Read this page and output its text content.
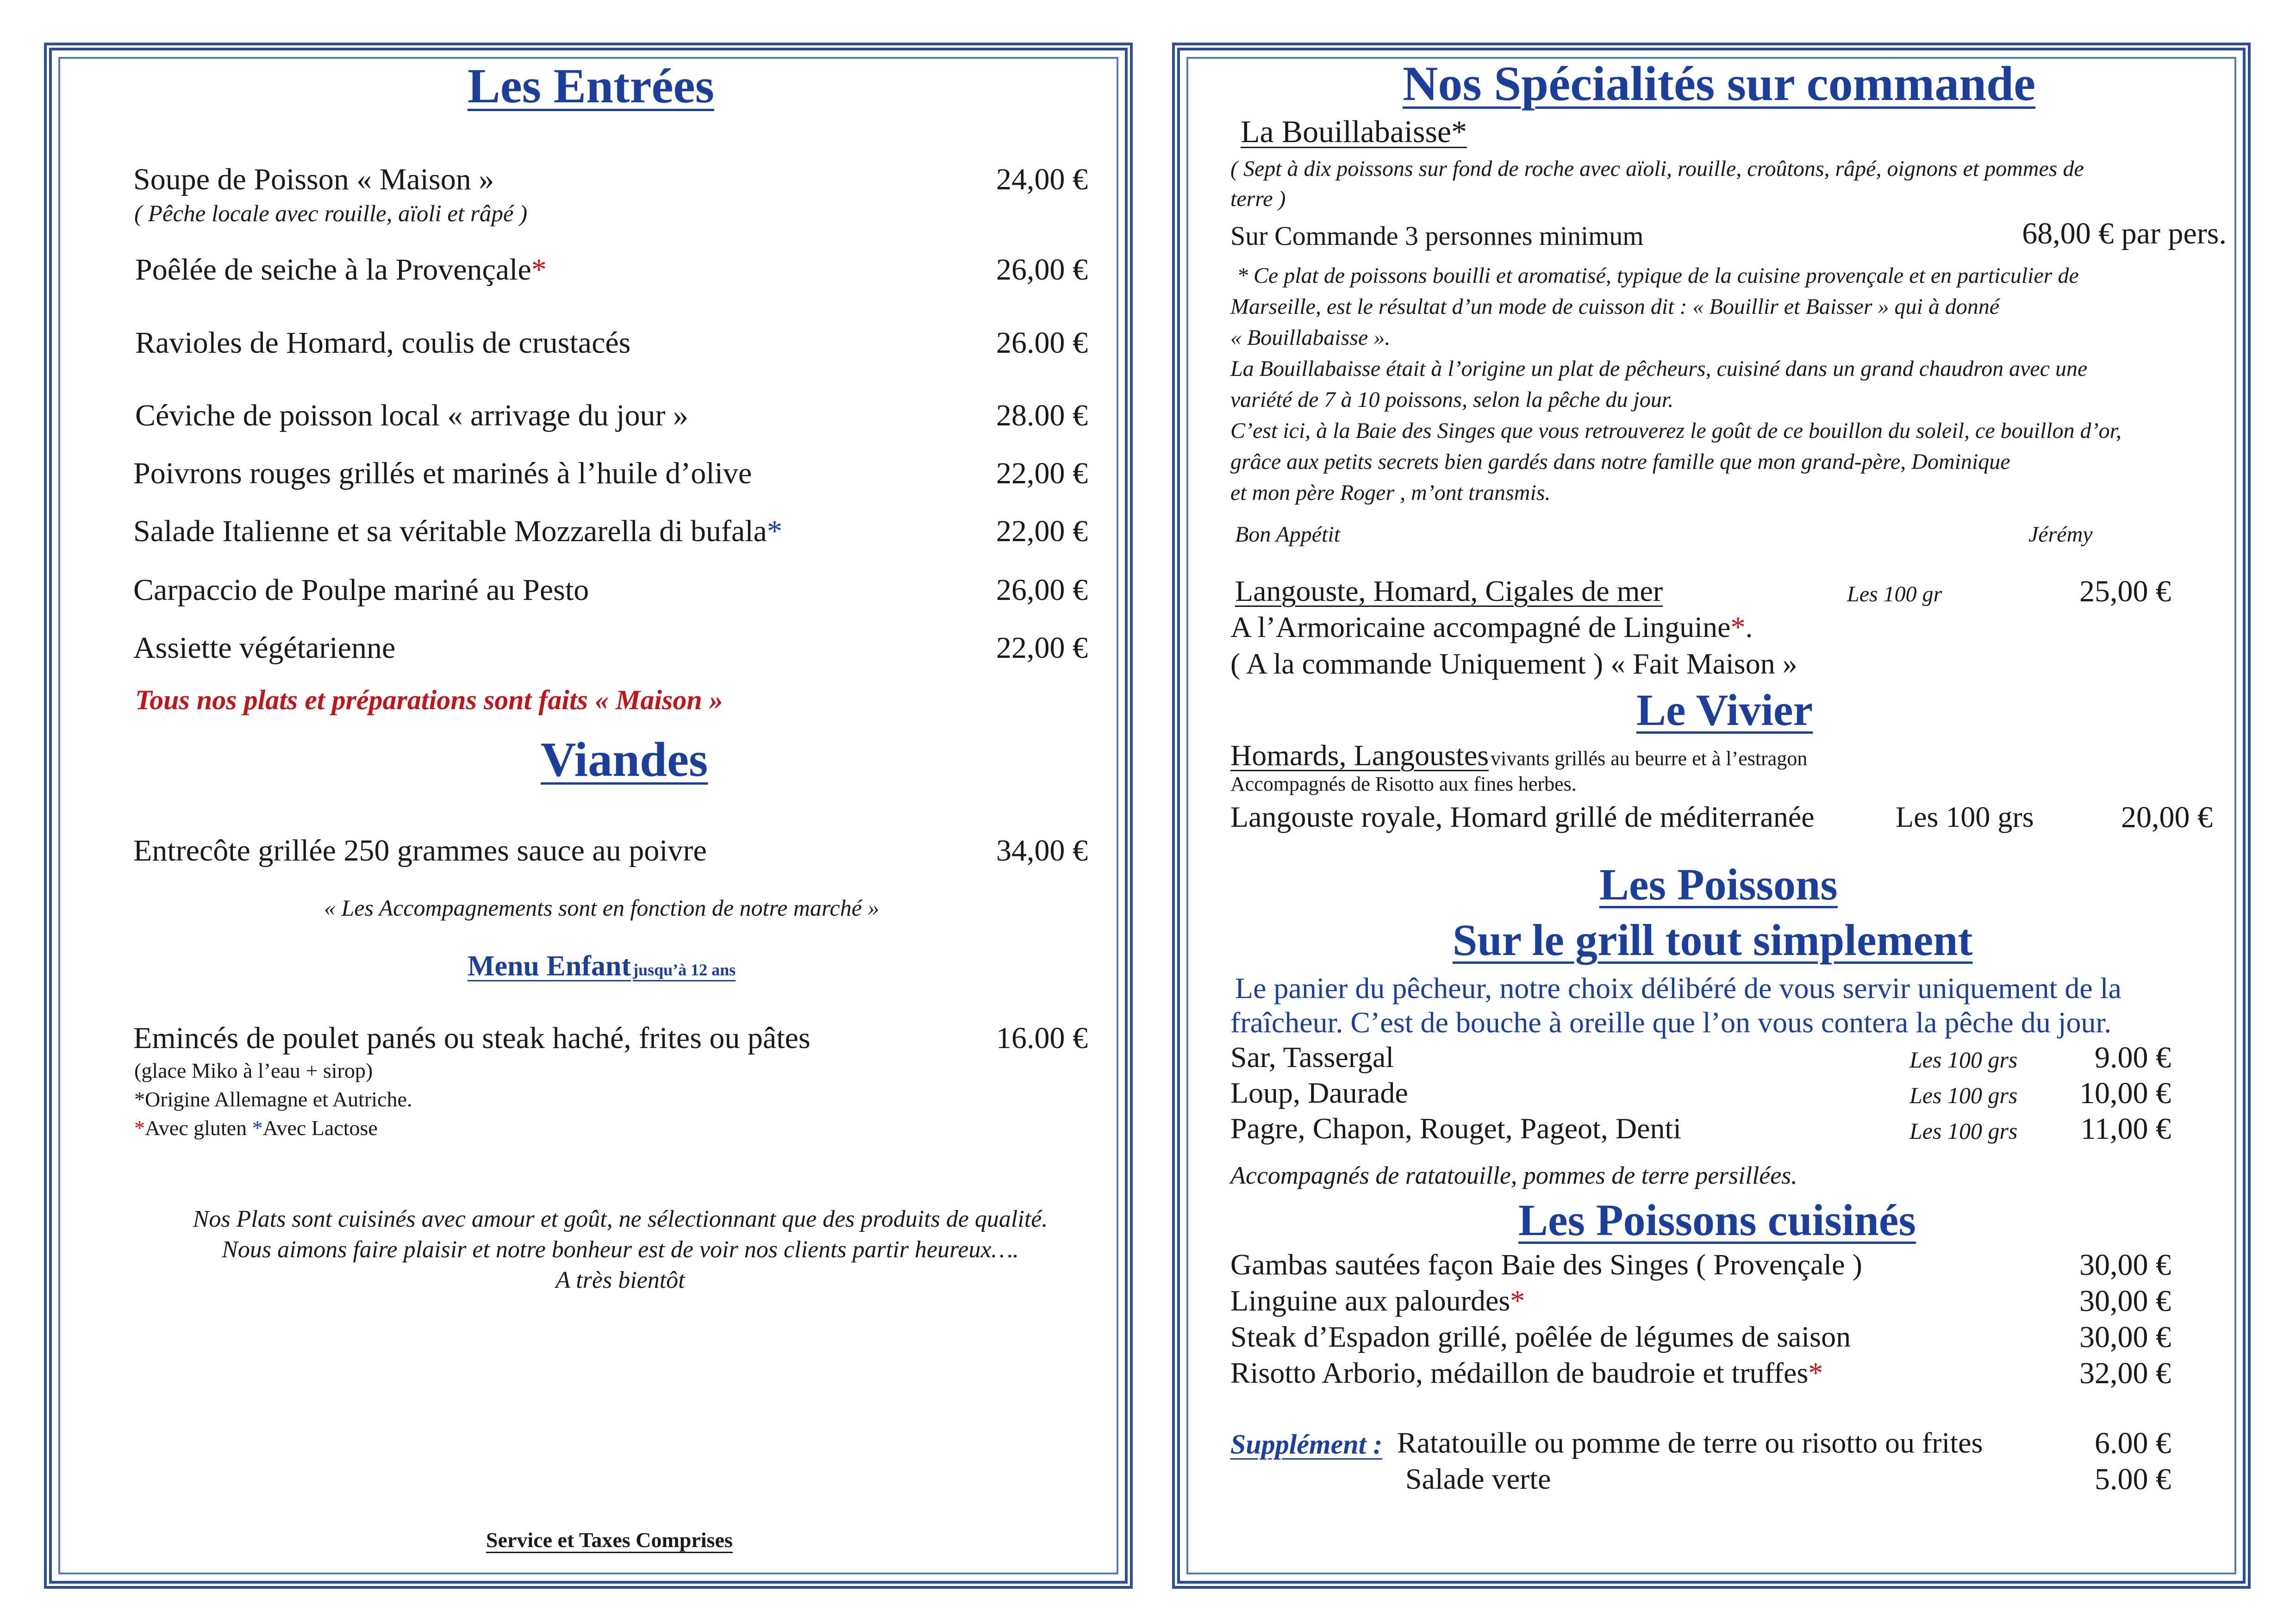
Les Entrées
Soupe de Poisson « Maison »	24,00 €
( Pêche locale avec rouille, aïoli et râpé )
Poêlée de seiche à la Provençale*	26,00 €
Ravioles de Homard, coulis de crustacés	26.00 €
Céviche de poisson local « arrivage du jour »	28.00 €
Poivrons rouges grillés et marinés à l’huile d’olive	22,00 €
Salade Italienne et sa véritable Mozzarella di bufala*	22,00 €
Carpaccio de Poulpe mariné au Pesto	26,00 €
Assiette végétarienne	22,00 €
Tous nos plats et préparations sont faits « Maison »
Viandes
Entrecôte grillée 250 grammes sauce au poivre	34,00 €
« Les Accompagnements sont en fonction de notre marché »
Menu Enfant jusqu’à 12 ans
Emincés de poulet panés ou steak haché, frites ou pâtes	16.00 €
(glace Miko à l’eau + sirop)
*Origine Allemagne et Autriche.
*Avec gluten *Avec Lactose
Nos Plats sont cuisinés avec amour et goût, ne sélectionnant que des produits de qualité.
Nous aimons faire plaisir et notre bonheur est de voir nos clients partir heureux….
A très bientôt
Service et Taxes Comprises
Nos Spécialités sur commande
La Bouillabaisse*
( Sept à dix poissons sur fond de roche avec aïoli, rouille, croûtons, râpé, oignons et pommes de
terre )
Sur Commande 3 personnes minimum	68,00 € par pers.
* Ce plat de poissons bouilli et aromatisé, typique de la cuisine provençale et en particulier de
Marseille, est le résultat d’un mode de cuisson dit : « Bouillir et Baisser » qui à donné
« Bouillabaisse ».
La Bouillabaisse était à l’origine un plat de pêcheurs, cuisiné dans un grand chaudron avec une
variété de 7 à 10 poissons, selon la pêche du jour.
C’est ici, à la Baie des Singes que vous retrouverez le goût de ce bouillon du soleil, ce bouillon d’or,
grâce aux petits secrets bien gardés dans notre famille que mon grand-père, Dominique
et mon père Roger , m’ont transmis.
Bon Appétit	Jérémy
Langouste, Homard, Cigales de mer	Les 100 gr	25,00 €
A l’Armoricaine accompagné de Linguine*.
( A la commande Uniquement ) « Fait Maison »
Le Vivier
Homards, Langoustes vivants grillés au beurre et à l’estragon
Accompagnés de Risotto aux fines herbes.
Langouste royale, Homard grillé de méditerranée	Les 100 grs	20,00 €
Les Poissons
Sur le grill tout simplement
Le panier du pêcheur, notre choix délibéré de vous servir uniquement de la
fraîcheur. C’est de bouche à oreille que l’on vous contera la pêche du jour.
Sar, Tassergal	Les 100 grs	9.00 €
Loup, Daurade	Les 100 grs	10,00 €
Pagre, Chapon, Rouget, Pageot, Denti	Les 100 grs	11,00 €
Accompagnés de ratatouille, pommes de terre persillées.
Les Poissons cuisinés
Gambas sautées façon Baie des Singes ( Provençale )	30,00 €
Linguine aux palourdes*	30,00 €
Steak d’Espadon grillé, poêlée de légumes de saison	30,00 €
Risotto Arborio, médaillon de baudroie et truffes*	32,00 €
Supplément : Ratatouille ou pomme de terre ou risotto ou frites	6.00 €
Salade verte	5.00 €
